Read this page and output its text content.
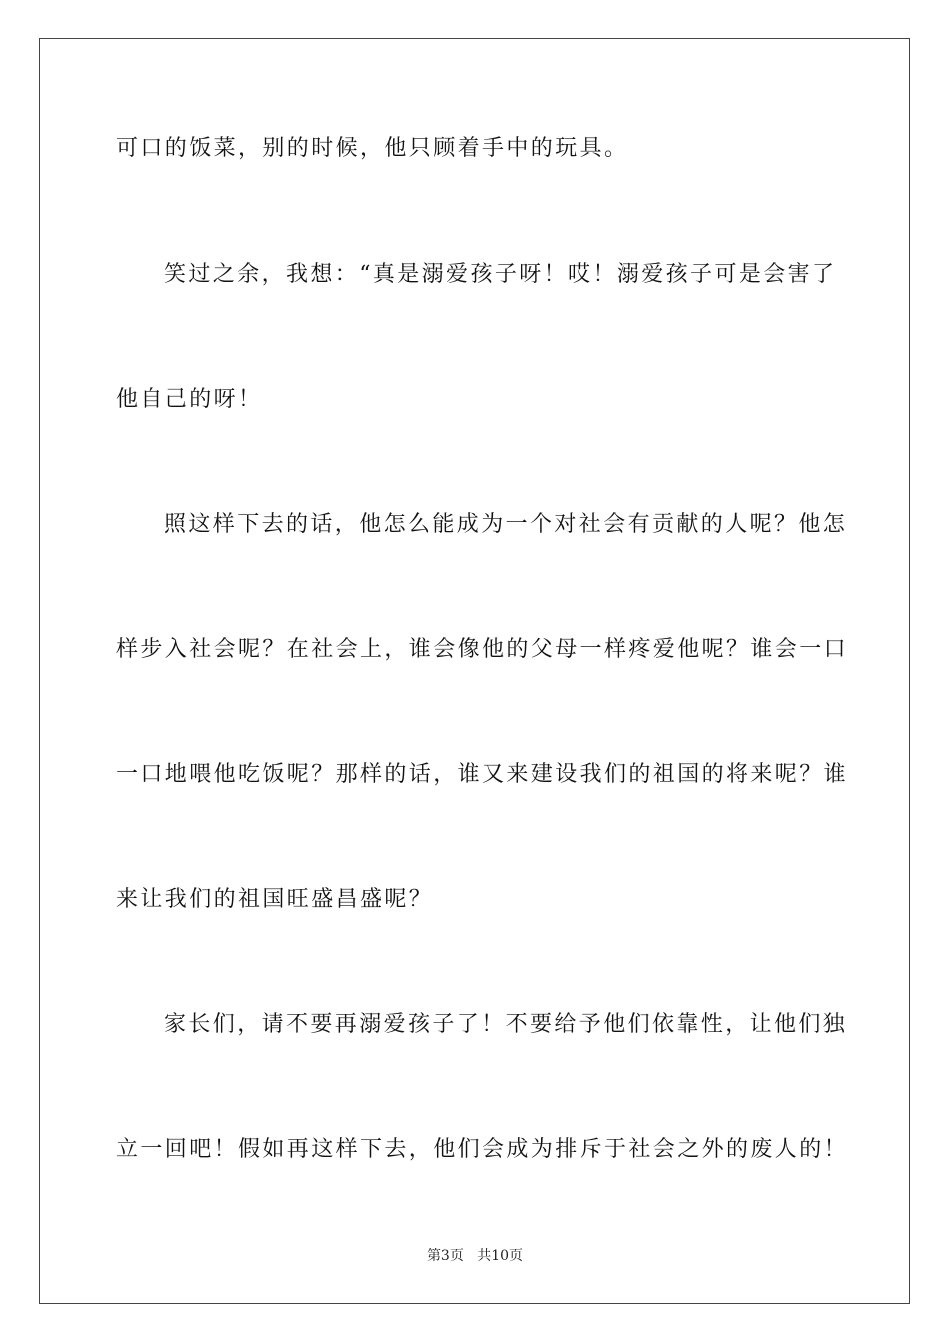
可口的饭菜，别的时候，他只顾着手中的玩具。
笑过之余，我想：“真是溺爱孩子呀！哎！溺爱孩子可是会害了
他自己的呀！
照这样下去的话，他怎么能成为一个对社会有贡献的人呢？他怎
样步入社会呢？在社会上，谁会像他的父母一样疼爱他呢？谁会一口
一口地喂他吃饭呢？那样的话，谁又来建设我们的祖国的将来呢？谁
来让我们的祖国旺盛昌盛呢？
家长们，请不要再溺爱孩子了！不要给予他们依靠性，让他们独
立一回吧！假如再这样下去，他们会成为排斥于社会之外的废人的！
第3页 共10页
